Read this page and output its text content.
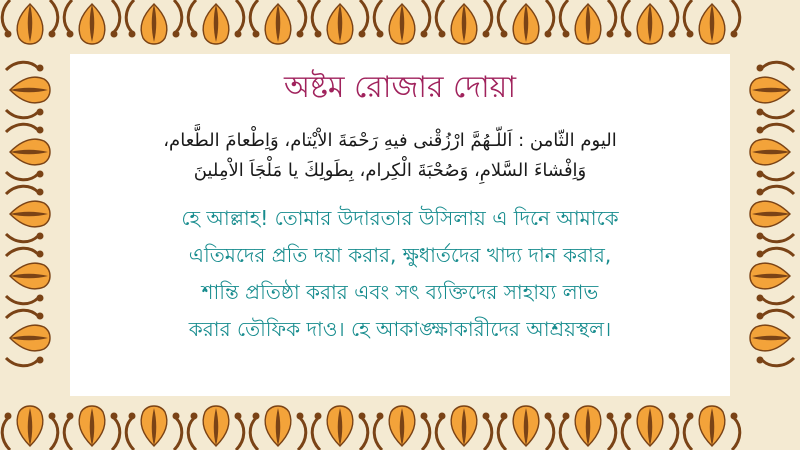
অষ্টম রোজার দোয়া
اليوم الثّامن : اَللّـهُمَّ ارْزُقْنى فيهِ رَحْمَةَ الاْيْتام، وَاِطْعامَ الطَّعام،
وَاِفْشاءَ السَّلامِ، وَصُحْبَةَ الْكِرام، بِطَولِكَ يا مَلْجَاَ الاْمِلينَ
হে আল্লাহ! তোমার উদারতার উসিলায় এ দিনে আমাকে
এতিমদের প্রতি দয়া করার, ক্ষুধার্তদের খাদ্য দান করার,
শান্তি প্রতিষ্ঠা করার এবং সৎ ব্যক্তিদের সাহায্য লাভ
করার তৌফিক দাও। হে আকাঙ্ক্ষাকারীদের আশ্রয়স্থল।
